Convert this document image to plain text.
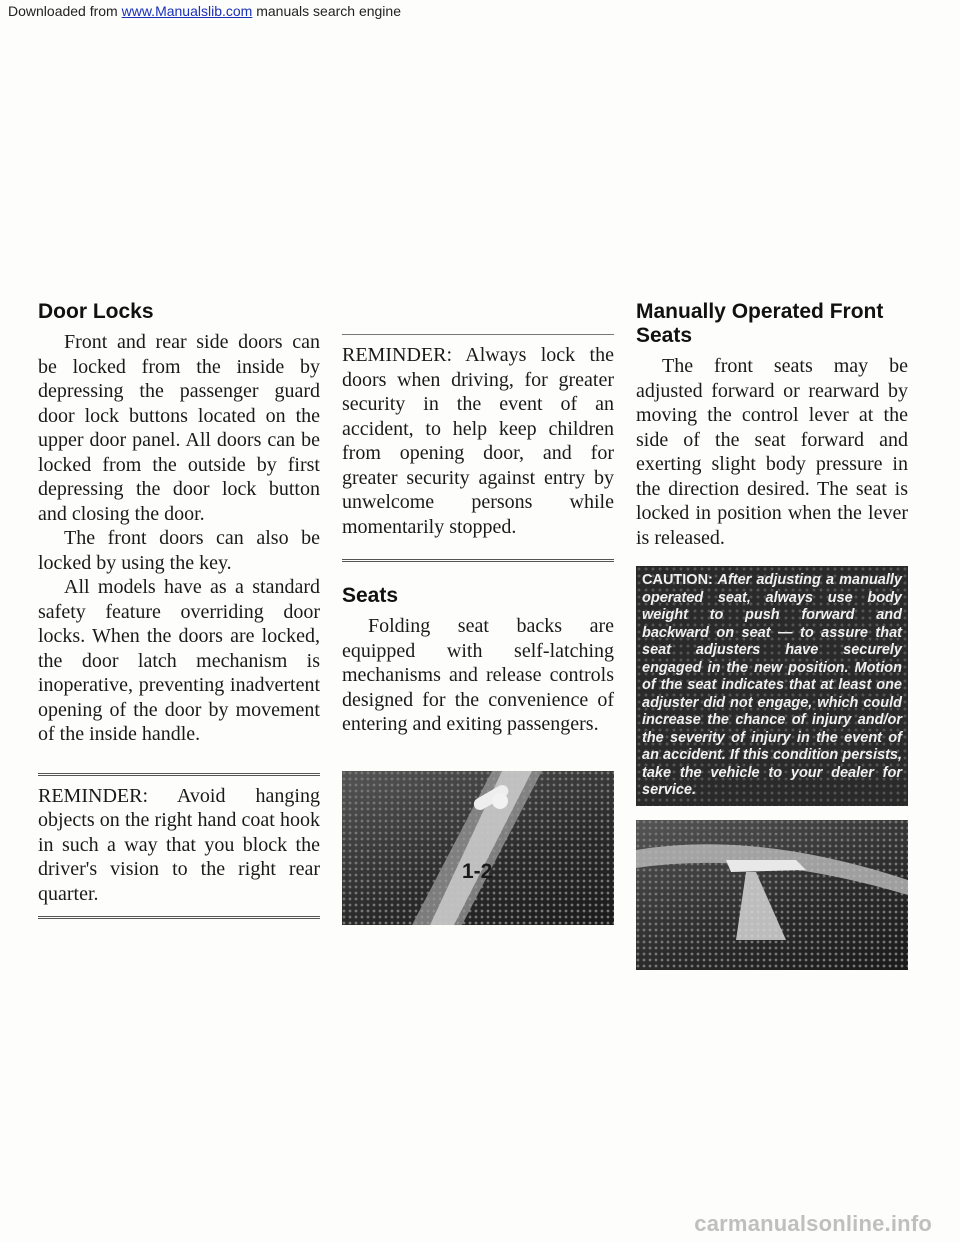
Downloaded from www.Manualslib.com manuals search engine
Door Locks

Front and rear side doors can be locked from the inside by depressing the passenger guard door lock buttons located on the upper door panel. All doors can be locked from the outside by first depressing the door lock button and closing the door.

The front doors can also be locked by using the key.

All models have as a standard safety feature overriding door locks. When the doors are locked, the door latch mechanism is inoperative, preventing inadvertent opening of the door by movement of the inside handle.

REMINDER: Avoid hanging objects on the right hand coat hook in such a way that you block the driver's vision to the right rear quarter.

REMINDER: Always lock the doors when driving, for greater security in the event of an accident, to help keep children from opening door, and for greater security against entry by unwelcome persons while momentarily stopped.

Seats

Folding seat backs are equipped with self-latching mechanisms and release controls designed for the convenience of entering and exiting passengers.

Manually Operated Front Seats

The front seats may be adjusted forward or rearward by moving the control lever at the side of the seat forward and exerting slight body pressure in the direction desired. The seat is locked in position when the lever is released.

CAUTION: After adjusting a manually operated seat, always use body weight to push forward and backward on seat — to assure that seat adjusters have securely engaged in the new position. Motion of the seat indicates that at least one adjuster did not engage, which could increase the chance of injury and/or the severity of injury in the event of an accident. If this condition persists, take the vehicle to your dealer for service.
1-2
carmanualsonline.info
